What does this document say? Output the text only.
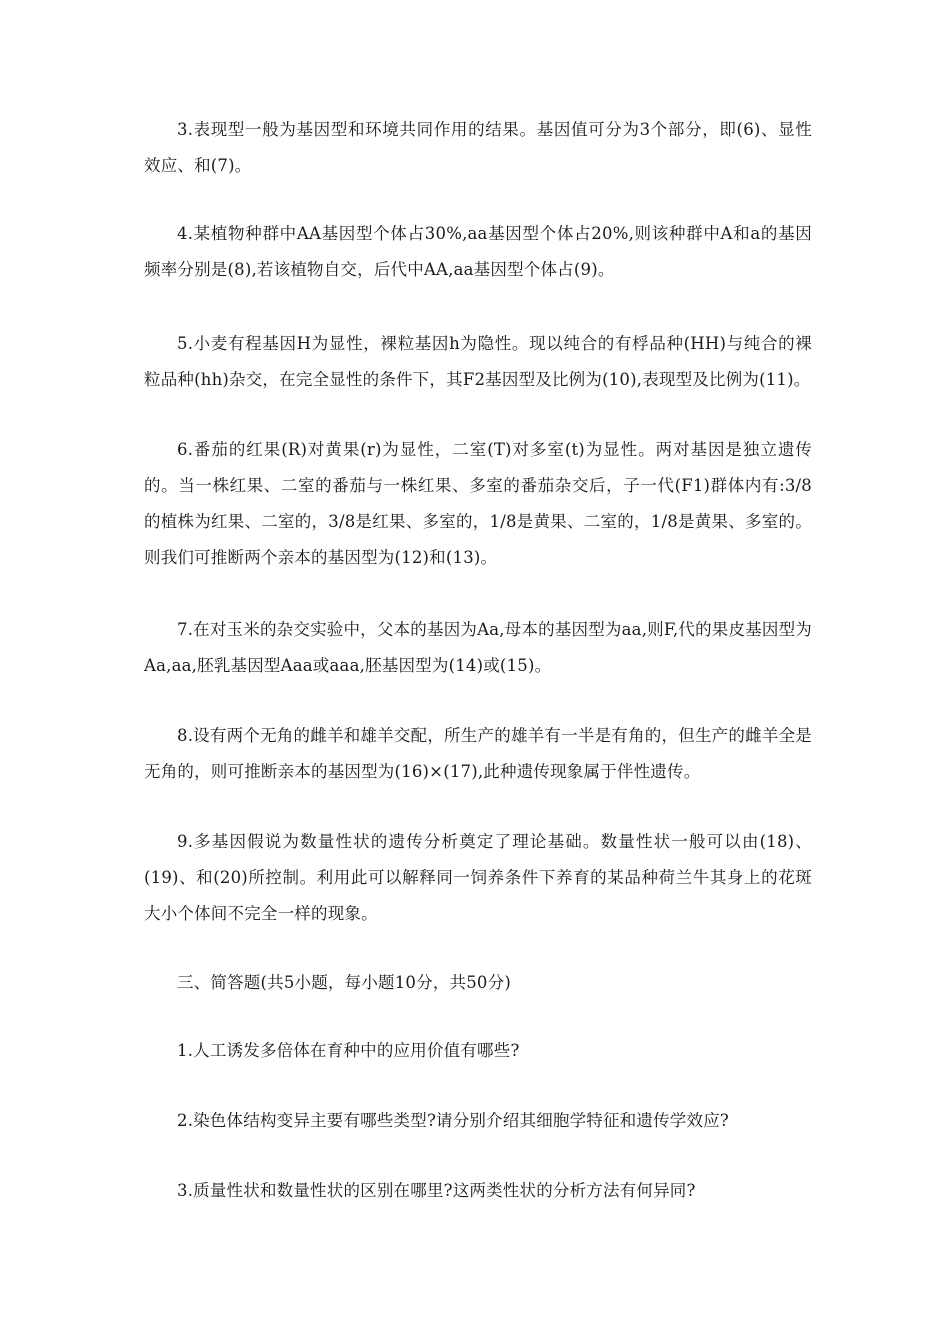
3.表现型一般为基因型和环境共同作用的结果。基因值可分为3个部分，即(6)、显性效应、和(7)。

4.某植物种群中AA基因型个体占30%,aa基因型个体占20%,则该种群中A和a的基因频率分别是(8),若该植物自交，后代中AA,aa基因型个体占(9)。

5.小麦有程基因H为显性，裸粒基因h为隐性。现以纯合的有桴品种(HH)与纯合的裸粒品种(hh)杂交，在完全显性的条件下，其F2基因型及比例为(10),表现型及比例为(11)。

6.番茄的红果(R)对黄果(r)为显性，二室(T)对多室(t)为显性。两对基因是独立遗传的。当一株红果、二室的番茄与一株红果、多室的番茄杂交后，子一代(F1)群体内有:3/8的植株为红果、二室的，3/8是红果、多室的，1/8是黄果、二室的，1/8是黄果、多室的。则我们可推断两个亲本的基因型为(12)和(13)。

7.在对玉米的杂交实验中，父本的基因为Aa,母本的基因型为aa,则F,代的果皮基因型为Aa,aa,胚乳基因型Aaa或aaa,胚基因型为(14)或(15)。

8.设有两个无角的雌羊和雄羊交配，所生产的雄羊有一半是有角的，但生产的雌羊全是无角的，则可推断亲本的基因型为(16)×(17),此种遗传现象属于伴性遗传。

9.多基因假说为数量性状的遗传分析奠定了理论基础。数量性状一般可以由(18)、(19)、和(20)所控制。利用此可以解释同一饲养条件下养育的某品种荷兰牛其身上的花斑大小个体间不完全一样的现象。

三、简答题(共5小题，每小题10分，共50分)

1.人工诱发多倍体在育种中的应用价值有哪些?

2.染色体结构变异主要有哪些类型?请分别介绍其细胞学特征和遗传学效应?

3.质量性状和数量性状的区别在哪里?这两类性状的分析方法有何异同?
